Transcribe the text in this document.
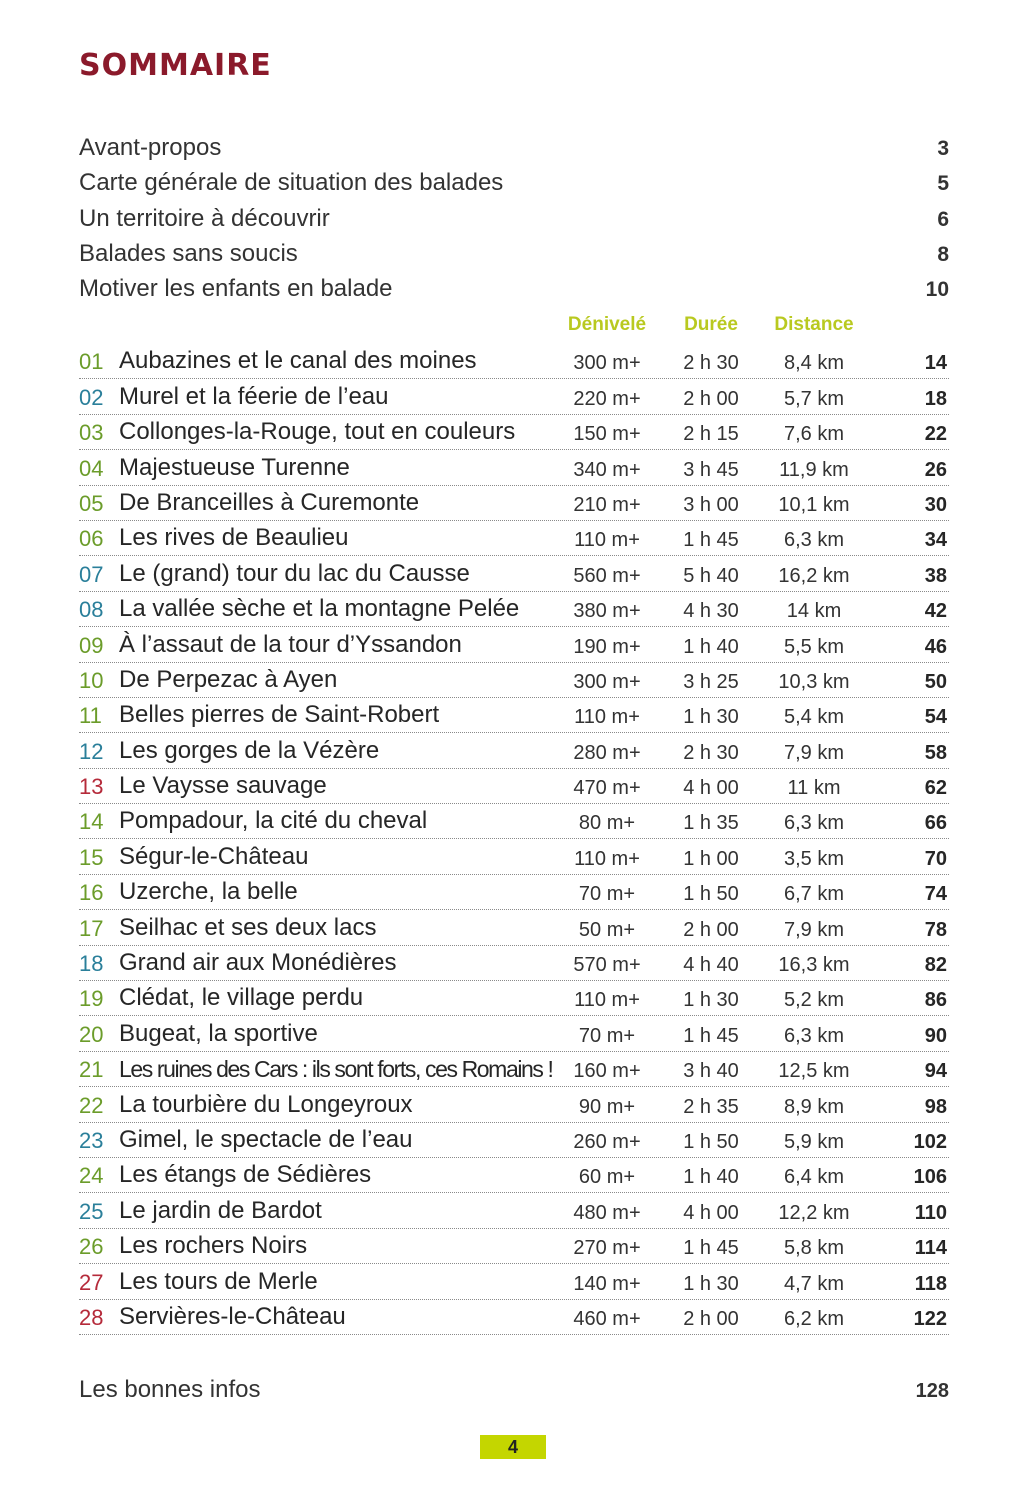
SOMMAIRE
Avant-propos	3
Carte générale de situation des balades	5
Un territoire à découvrir	6
Balades sans soucis	8
Motiver les enfants en balade	10
Dénivelé Durée Distance
01 Aubazines et le canal des moines	300 m+ 2 h 30 8,4 km	14
02 Murel et la féerie de l’eau	220 m+ 2 h 00 5,7 km	18
03 Collonges-la-Rouge, tout en couleurs	150 m+ 2 h 15 7,6 km	22
04 Majestueuse Turenne	340 m+ 3 h 45 11,9 km	26
05 De Branceilles à Curemonte	210 m+ 3 h 00 10,1 km	30
06 Les rives de Beaulieu	110 m+ 1 h 45 6,3 km	34
07 Le (grand) tour du lac du Causse	560 m+ 5 h 40 16,2 km	38
08 La vallée sèche et la montagne Pelée	380 m+ 4 h 30 14 km	42
09 À l’assaut de la tour d’Yssandon	190 m+ 1 h 40 5,5 km	46
10 De Perpezac à Ayen	300 m+ 3 h 25 10,3 km	50
11 Belles pierres de Saint-Robert	110 m+ 1 h 30 5,4 km	54
12 Les gorges de la Vézère	280 m+ 2 h 30 7,9 km	58
13 Le Vaysse sauvage	470 m+ 4 h 00 11 km	62
14 Pompadour, la cité du cheval	80 m+ 1 h 35 6,3 km	66
15 Ségur-le-Château	110 m+ 1 h 00 3,5 km	70
16 Uzerche, la belle	70 m+ 1 h 50 6,7 km	74
17 Seilhac et ses deux lacs	50 m+ 2 h 00 7,9 km	78
18 Grand air aux Monédières	570 m+ 4 h 40 16,3 km	82
19 Clédat, le village perdu	110 m+ 1 h 30 5,2 km	86
20 Bugeat, la sportive	70 m+ 1 h 45 6,3 km	90
21 Les ruines des Cars : ils sont forts, ces Romains ! 160 m+ 3 h 40 12,5 km	94
22 La tourbière du Longeyroux	90 m+ 2 h 35 8,9 km	98
23 Gimel, le spectacle de l’eau	260 m+ 1 h 50 5,9 km	102
24 Les étangs de Sédières	60 m+ 1 h 40 6,4 km	106
25 Le jardin de Bardot	480 m+ 4 h 00 12,2 km	110
26 Les rochers Noirs	270 m+ 1 h 45 5,8 km	114
27 Les tours de Merle	140 m+ 1 h 30 4,7 km	118
28 Servières-le-Château	460 m+ 2 h 00 6,2 km	122
Les bonnes infos	128
4
